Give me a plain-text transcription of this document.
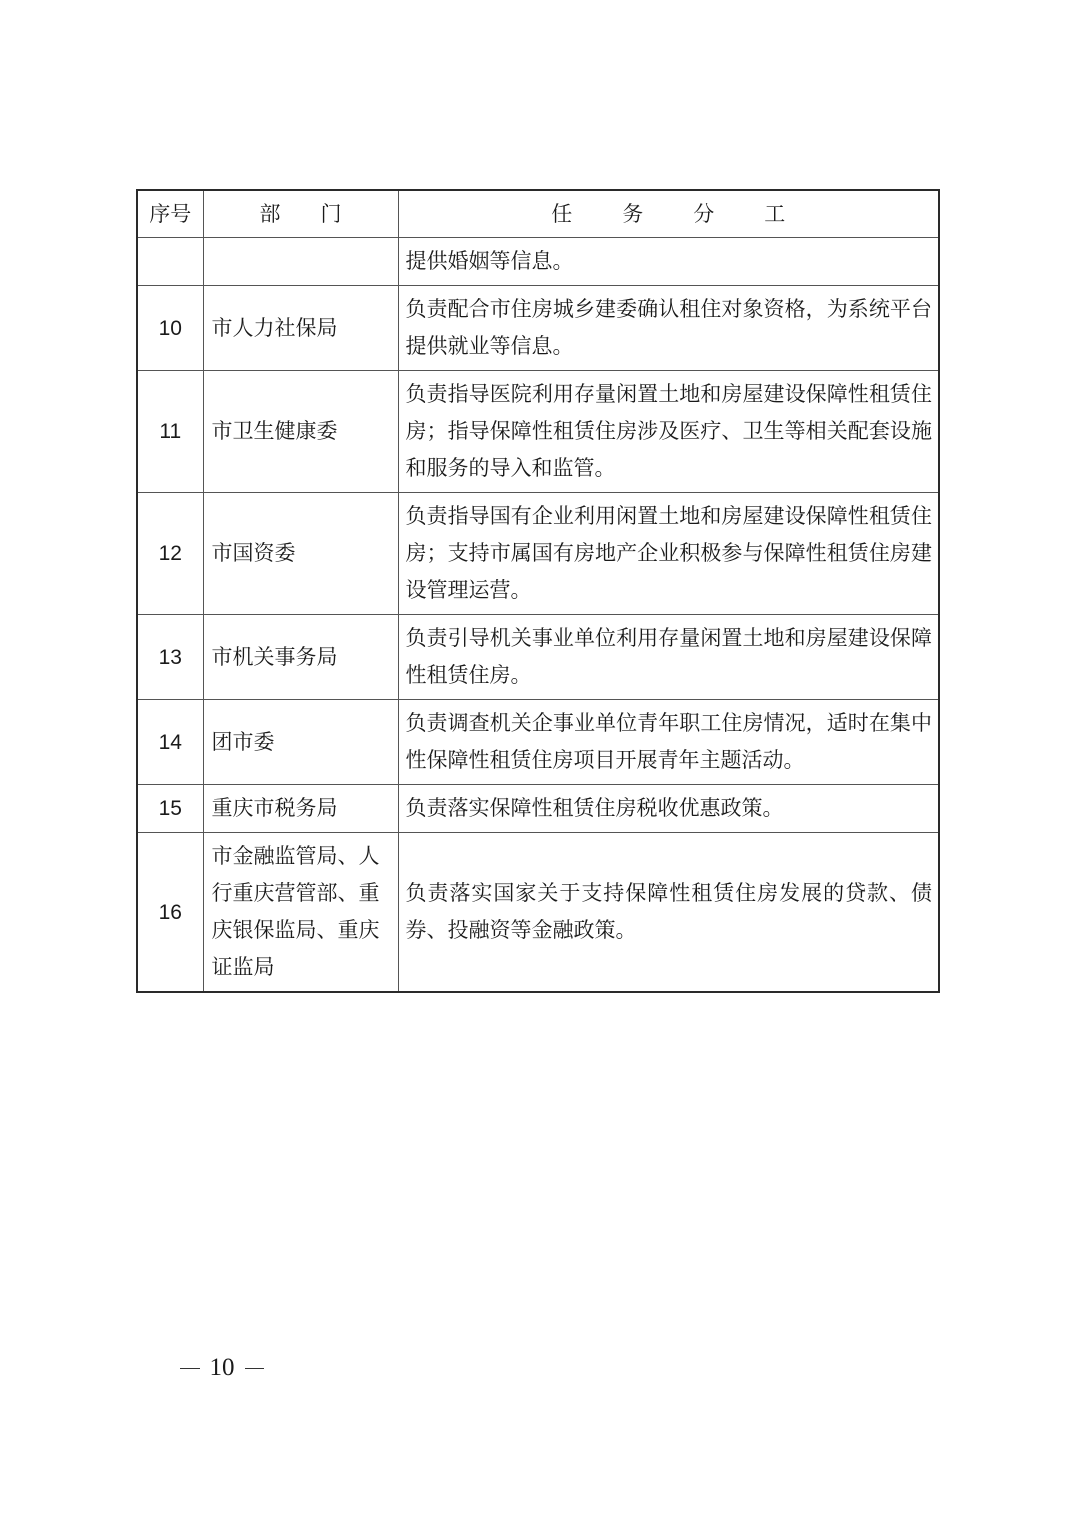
序号	部门	任务分工
		提供婚姻等信息。
10	市人力社保局	负责配合市住房城乡建委确认租住对象资格，为系统平台提供就业等信息。
11	市卫生健康委	负责指导医院利用存量闲置土地和房屋建设保障性租赁住房；指导保障性租赁住房涉及医疗、卫生等相关配套设施和服务的导入和监管。
12	市国资委	负责指导国有企业利用闲置土地和房屋建设保障性租赁住房；支持市属国有房地产企业积极参与保障性租赁住房建设管理运营。
13	市机关事务局	负责引导机关事业单位利用存量闲置土地和房屋建设保障性租赁住房。
14	团市委	负责调查机关企事业单位青年职工住房情况，适时在集中性保障性租赁住房项目开展青年主题活动。
15	重庆市税务局	负责落实保障性租赁住房税收优惠政策。
16	市金融监管局、人行重庆营管部、重庆银保监局、重庆证监局	负责落实国家关于支持保障性租赁住房发展的贷款、债券、投融资等金融政策。
10
